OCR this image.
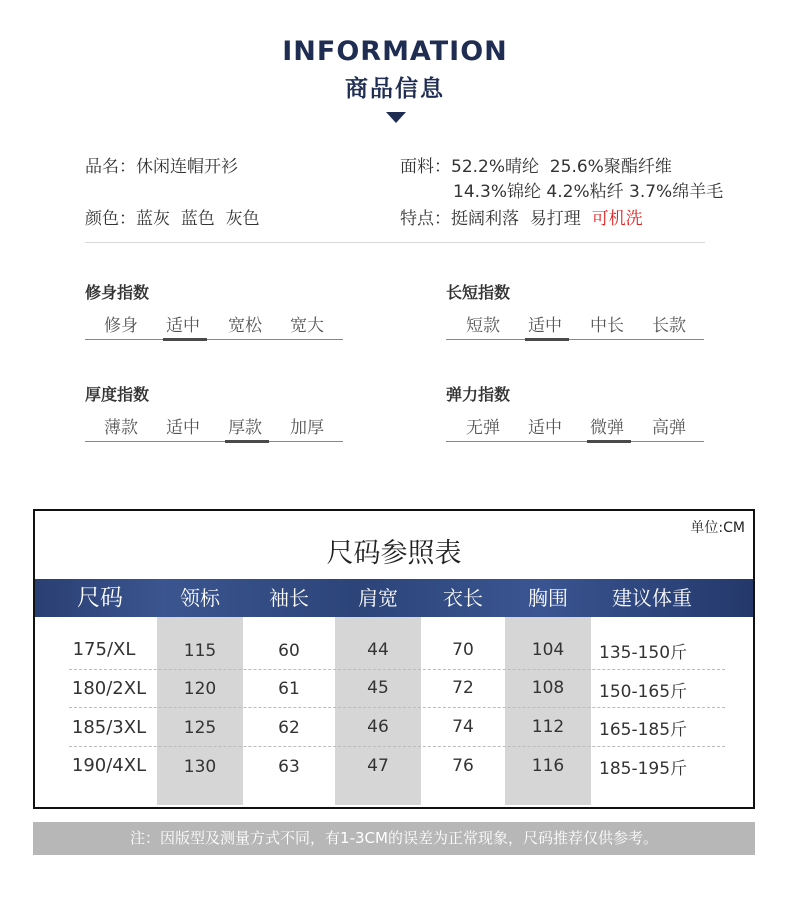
INFORMATION
商品信息
品名：休闲连帽开衫
颜色：蓝灰  蓝色  灰色
面料：52.2%晴纶  25.6%聚酯纤维
14.3%锦纶 4.2%粘纤 3.7%绵羊毛
特点：挺阔利落  易打理  可机洗
修身指数
修身	适中	宽松	宽大
长短指数
短款	适中	中长	长款
厚度指数
薄款	适中	厚款	加厚
弹力指数
无弹	适中	微弹	高弹
单位:CM
尺码参照表
尺码	领标	袖长	肩宽	衣长	胸围	建议体重
175/XL	115	60	44	70	104	135-150斤
180/2XL	120	61	45	72	108	150-165斤
185/3XL	125	62	46	74	112	165-185斤
190/4XL	130	63	47	76	116	185-195斤
注：因版型及测量方式不同，有1-3CM的误差为正常现象，尺码推荐仅供参考。
